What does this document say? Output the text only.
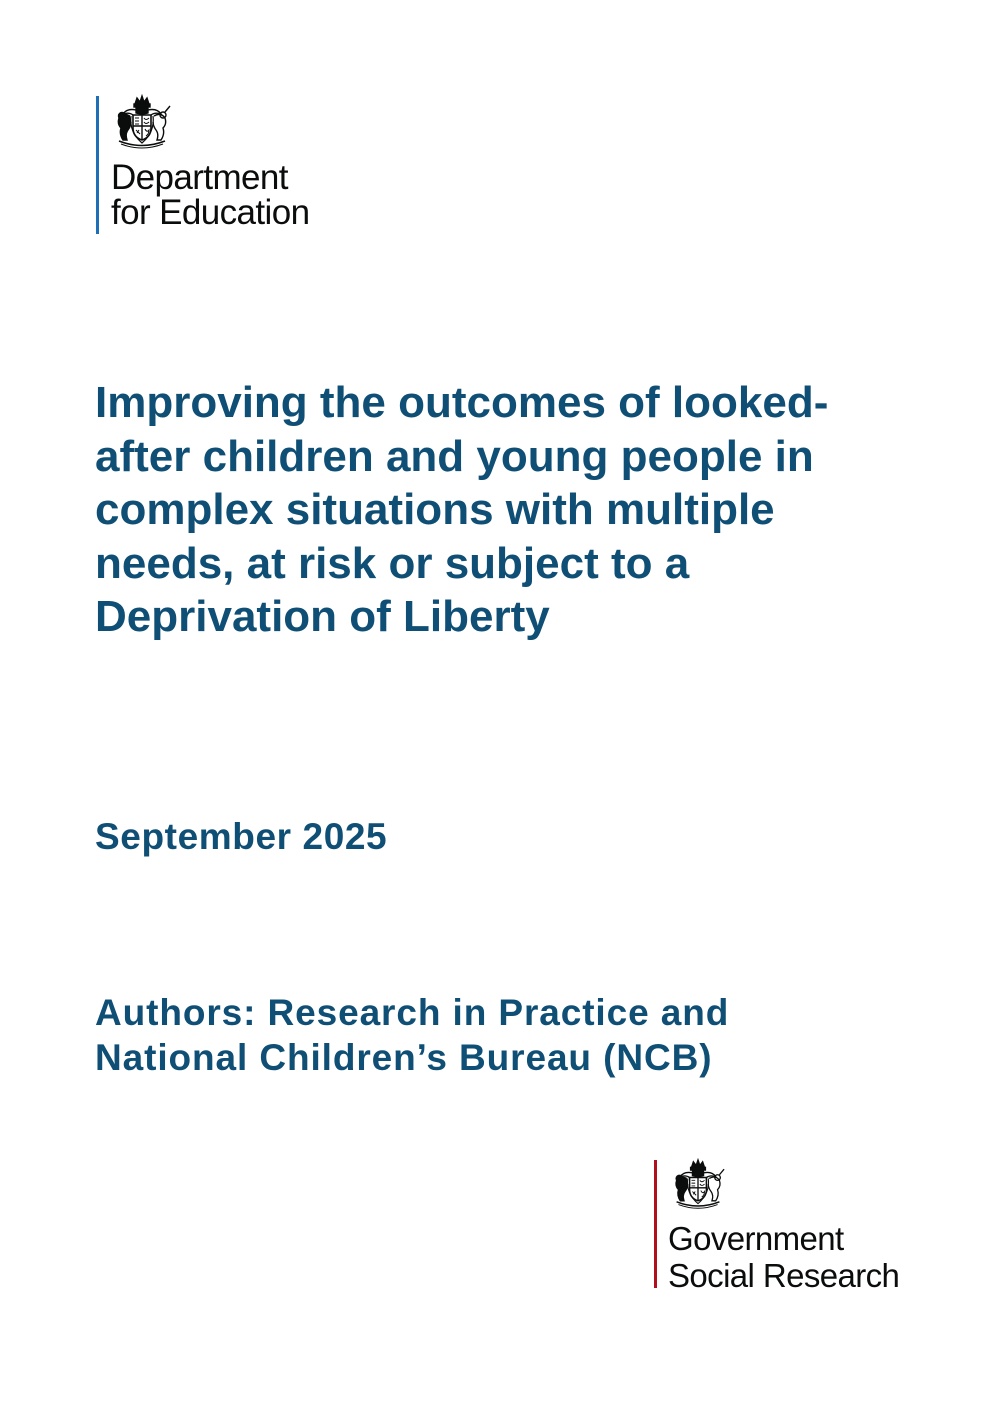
Department
for Education
Improving the outcomes of looked-
after children and young people in
complex situations with multiple
needs, at risk or subject to a
Deprivation of Liberty

September 2025

Authors: Research in Practice and
National Children’s Bureau (NCB)
Government
Social Research
